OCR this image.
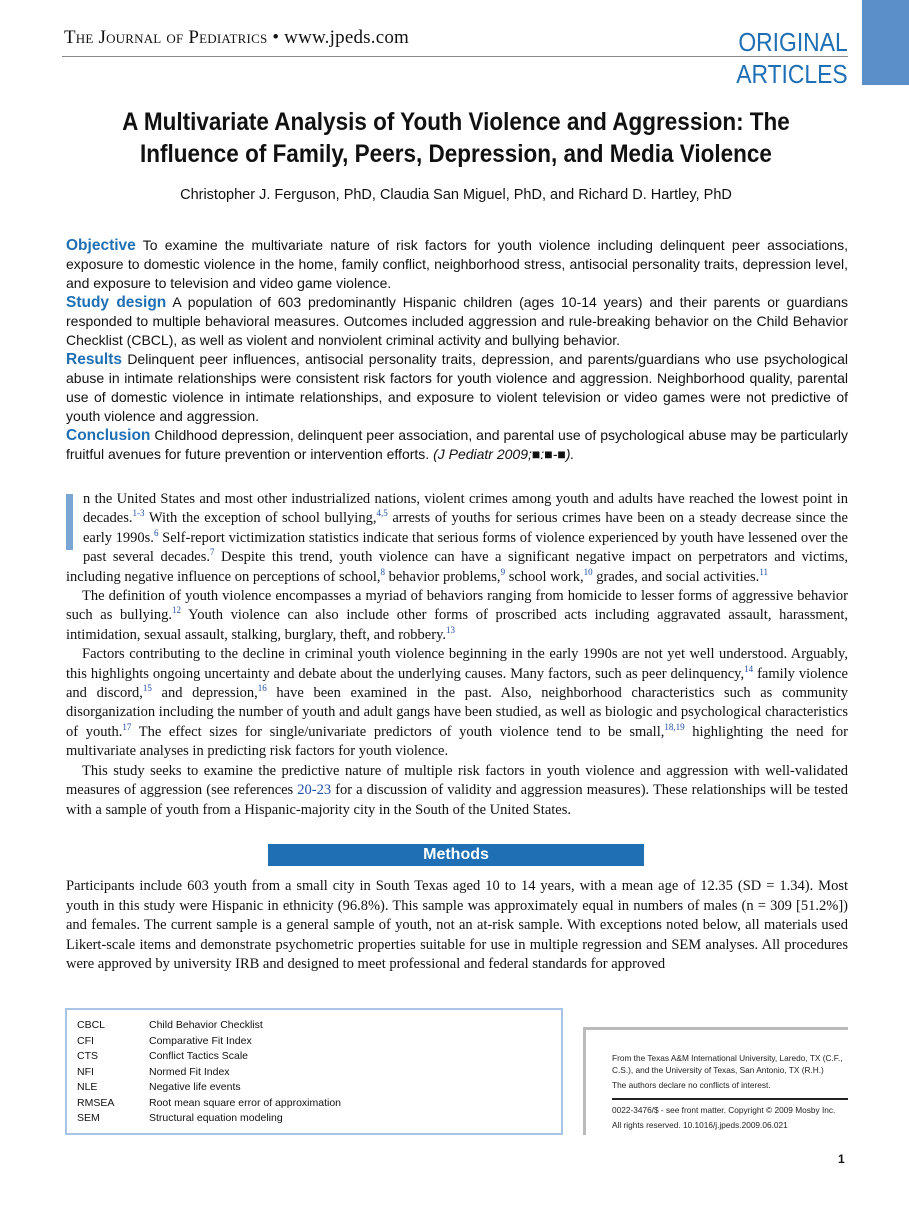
The Journal of Pediatrics • www.jpeds.com	ORIGINAL
ARTICLES
A Multivariate Analysis of Youth Violence and Aggression: The Influence of Family, Peers, Depression, and Media Violence
Christopher J. Ferguson, PhD, Claudia San Miguel, PhD, and Richard D. Hartley, PhD

Objective To examine the multivariate nature of risk factors for youth violence including delinquent peer associations, exposure to domestic violence in the home, family conflict, neighborhood stress, antisocial personality traits, depression level, and exposure to television and video game violence.

Study design A population of 603 predominantly Hispanic children (ages 10-14 years) and their parents or guardians responded to multiple behavioral measures. Outcomes included aggression and rule-breaking behavior on the Child Behavior Checklist (CBCL), as well as violent and nonviolent criminal activity and bullying behavior.

Results Delinquent peer influences, antisocial personality traits, depression, and parents/guardians who use psychological abuse in intimate relationships were consistent risk factors for youth violence and aggression. Neighborhood quality, parental use of domestic violence in intimate relationships, and exposure to violent television or video games were not predictive of youth violence and aggression.

Conclusion Childhood depression, delinquent peer association, and parental use of psychological abuse may be particularly fruitful avenues for future prevention or intervention efforts. (J Pediatr 2009;■:■-■).

n the United States and most other industrialized nations, violent crimes among youth and adults have reached the lowest point in decades.$^{1-3}$ With the exception of school bullying,$^{4,5}$ arrests of youths for serious crimes have been on a steady decrease since the early 1990s.$^6$ Self-report victimization statistics indicate that serious forms of violence experienced by youth have lessened over the past several decades.$^7$ Despite this trend, youth violence can have a significant negative impact on perpetrators and victims, including negative influence on perceptions of school,$^8$ behavior problems,$^9$ school work,$^{10}$ grades, and social activities.$^{11}$

The definition of youth violence encompasses a myriad of behaviors ranging from homicide to lesser forms of aggressive behavior such as bullying.$^{12}$ Youth violence can also include other forms of proscribed acts including aggravated assault, harassment, intimidation, sexual assault, stalking, burglary, theft, and robbery.$^{13}$

Factors contributing to the decline in criminal youth violence beginning in the early 1990s are not yet well understood. Arguably, this highlights ongoing uncertainty and debate about the underlying causes. Many factors, such as peer delinquency,$^{14}$ family violence and discord,$^{15}$ and depression,$^{16}$ have been examined in the past. Also, neighborhood characteristics such as community disorganization including the number of youth and adult gangs have been studied, as well as biologic and psychological characteristics of youth.$^{17}$ The effect sizes for single/univariate predictors of youth violence tend to be small,$^{18,19}$ highlighting the need for multivariate analyses in predicting risk factors for youth violence.

This study seeks to examine the predictive nature of multiple risk factors in youth violence and aggression with well-validated measures of aggression (see references 20-23 for a discussion of validity and aggression measures). These relationships will be tested with a sample of youth from a Hispanic-majority city in the South of the United States.

Methods
Participants include 603 youth from a small city in South Texas aged 10 to 14 years, with a mean age of 12.35 (SD = 1.34). Most youth in this study were Hispanic in ethnicity (96.8%). This sample was approximately equal in numbers of males (n = 309 [51.2%]) and females. The current sample is a general sample of youth, not an at-risk sample. With exceptions noted below, all materials used Likert-scale items and demonstrate psychometric properties suitable for use in multiple regression and SEM analyses. All procedures were approved by university IRB and designed to meet professional and federal standards for approved
CBCL	Child Behavior Checklist
CFI	Comparative Fit Index
CTS	Conflict Tactics Scale
NFI	Normed Fit Index
NLE	Negative life events
RMSEA	Root mean square error of approximation
SEM	Structural equation modeling

From the Texas A&M International University, Laredo, TX (C.F., C.S.), and the University of Texas, San Antonio, TX (R.H.)

The authors declare no conflicts of interest.

0022-3476/$ - see front matter. Copyright © 2009 Mosby Inc.

All rights reserved. 10.1016/j.jpeds.2009.06.021

1
